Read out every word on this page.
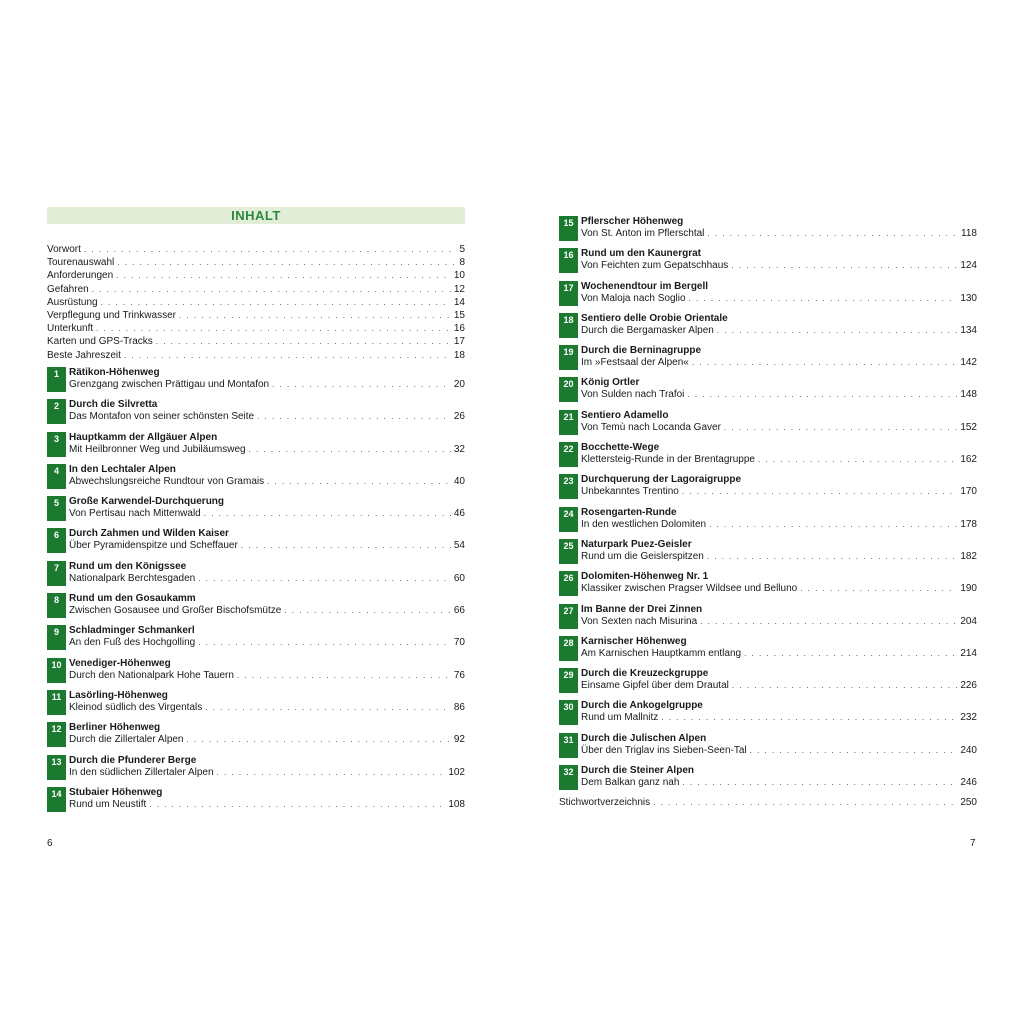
INHALT
Vorwort . . .	5
Tourenauswahl . . .	8
Anforderungen . . .	10
Gefahren . . .	12
Ausrüstung . . .	14
Verpflegung und Trinkwasser . . .	15
Unterkunft . . .	16
Karten und GPS-Tracks . . .	17
Beste Jahreszeit . . .	18
1	Rätikon-Höhenweg
Grenzgang zwischen Prättigau und Montafon . . .	20
2	Durch die Silvretta
Das Montafon von seiner schönsten Seite . . .	26
3	Hauptkamm der Allgäuer Alpen
Mit Heilbronner Weg und Jubiläumsweg . . .	32
4	In den Lechtaler Alpen
Abwechslungsreiche Rundtour von Gramais . . .	40
5	Große Karwendel-Durchquerung
Von Pertisau nach Mittenwald . . .	46
6	Durch Zahmen und Wilden Kaiser
Über Pyramidenspitze und Scheffauer . . .	54
7	Rund um den Königssee
Nationalpark Berchtesgaden . . .	60
8	Rund um den Gosaukamm
Zwischen Gosausee und Großer Bischofsmütze . . .	66
9	Schladminger Schmankerl
An den Fuß des Hochgolling . . .	70
10 Venediger-Höhenweg
Durch den Nationalpark Hohe Tauern . . .	76
11 Lasörling-Höhenweg
Kleinod südlich des Virgentals . . .	86
12 Berliner Höhenweg
Durch die Zillertaler Alpen . . .	92
13 Durch die Pfunderer Berge
In den südlichen Zillertaler Alpen . . .	102
14 Stubaier Höhenweg
Rund um Neustift . . .	108
15 Pflerscher Höhenweg
Von St. Anton im Pflerschtal . . .	118
16 Rund um den Kaunergrat
Von Feichten zum Gepatschhaus . . .	124
17 Wochenendtour im Bergell
Von Maloja nach Soglio . . .	130
18 Sentiero delle Orobie Orientale
Durch die Bergamasker Alpen . . .	134
19 Durch die Berninagruppe
Im »Festsaal der Alpen« . . .	142
20 König Ortler
Von Sulden nach Trafoi . . .	148
21 Sentiero Adamello
Von Temù nach Locanda Gaver . . .	152
22 Bocchette-Wege
Klettersteig-Runde in der Brentagruppe . . .	162
23 Durchquerung der Lagoraigruppe
Unbekanntes Trentino . . .	170
24 Rosengarten-Runde
In den westlichen Dolomiten . . .	178
25 Naturpark Puez-Geisler
Rund um die Geislerspitzen . . .	182
26 Dolomiten-Höhenweg Nr. 1
Klassiker zwischen Pragser Wildsee und Belluno . . .	190
27 Im Banne der Drei Zinnen
Von Sexten nach Misurina . . .	204
28 Karnischer Höhenweg
Am Karnischen Hauptkamm entlang . . .	214
29 Durch die Kreuzeckgruppe
Einsame Gipfel über dem Drautal . . .	226
30 Durch die Ankogelgruppe
Rund um Mallnitz . . .	232
31 Durch die Julischen Alpen
Über den Triglav ins Sieben-Seen-Tal . . .	240
32 Durch die Steiner Alpen
Dem Balkan ganz nah . . .	246
Stichwortverzeichnis . . .	250
6	7
